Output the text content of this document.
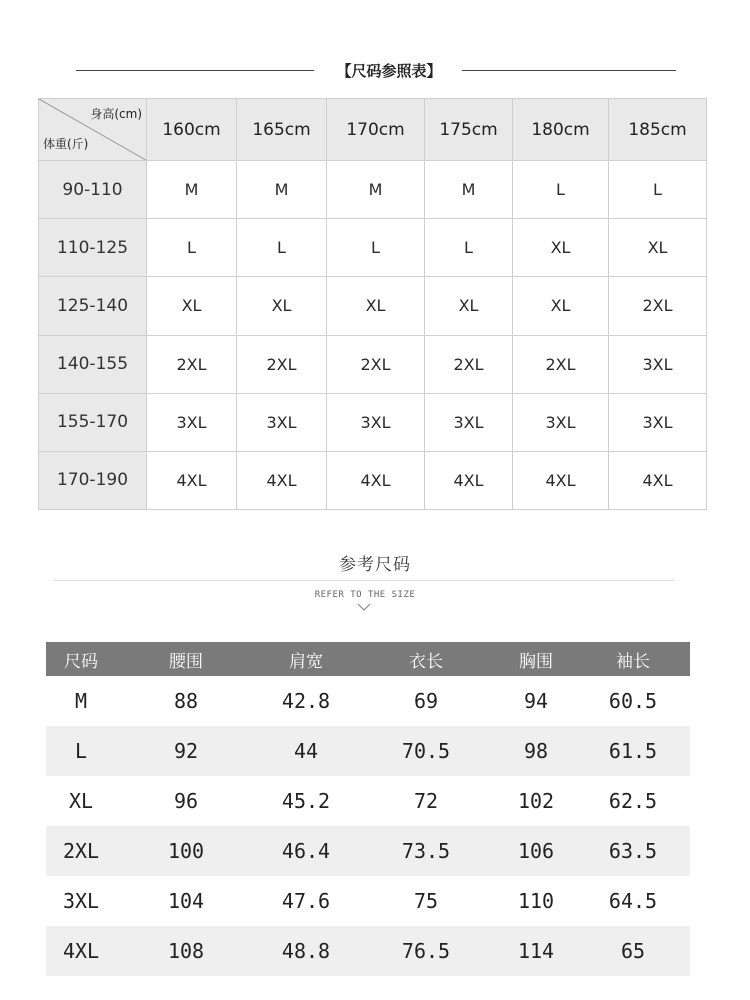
【尺码参照表】
身高(cm)
体重(斤)	160cm	165cm	170cm	175cm	180cm	185cm
90-110	M	M	M	M	L	L
110-125	L	L	L	L	XL	XL
125-140	XL	XL	XL	XL	XL	2XL
140-155	2XL	2XL	2XL	2XL	2XL	3XL
155-170	3XL	3XL	3XL	3XL	3XL	3XL
170-190	4XL	4XL	4XL	4XL	4XL	4XL
参考尺码
REFER TO THE SIZE
尺码	腰围	肩宽	衣长	胸围	袖长
M	88	42.8	69	94	60.5
L	92	44	70.5	98	61.5
XL	96	45.2	72	102	62.5
2XL	100	46.4	73.5	106	63.5
3XL	104	47.6	75	110	64.5
4XL	108	48.8	76.5	114	65
